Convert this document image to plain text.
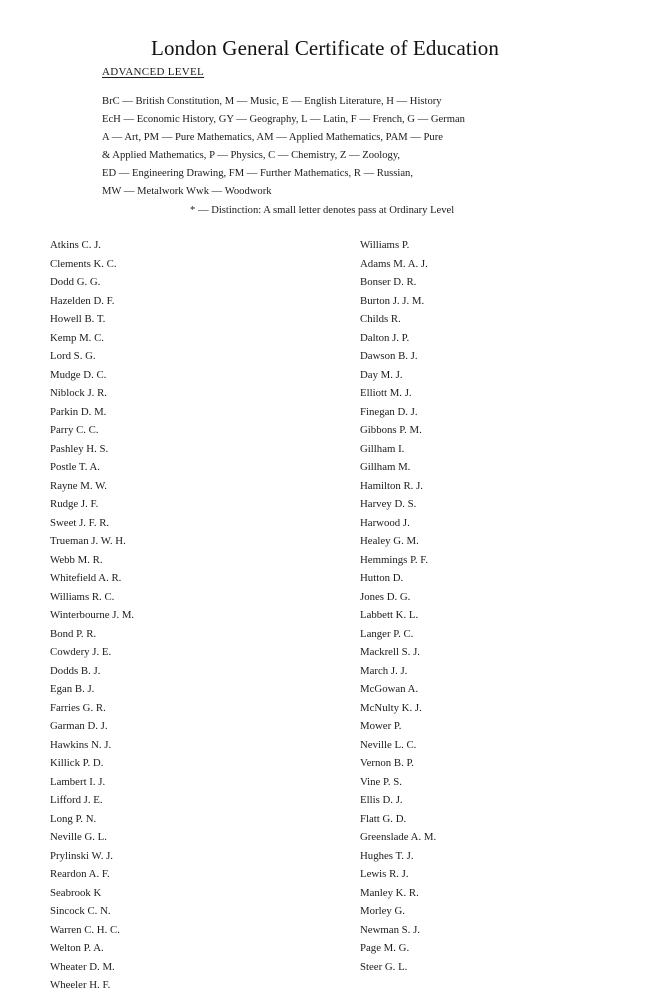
London General Certificate of Education
ADVANCED LEVEL
BrC — British Constitution, M — Music, E — English Literature, H — History
EcH — Economic History, GY — Geography, L — Latin, F — French, G — German
A — Art, PM — Pure Mathematics, AM — Applied Mathematics, PAM — Pure
& Applied Mathematics, P — Physics, C — Chemistry, Z — Zoology,
ED — Engineering Drawing, FM — Further Mathematics, R — Russian,
MW — Metalwork Wwk — Woodwork
* — Distinction: A small letter denotes pass at Ordinary Level
Atkins C. J.
Clements K. C.
Dodd G. G.
Hazelden D. F.
Howell B. T.
Kemp M. C.
Lord S. G.
Mudge D. C.
Niblock J. R.
Parkin D. M.
Parry C. C.
Pashley H. S.
Postle T. A.
Rayne M. W.
Rudge J. F.
Sweet J. F. R.
Trueman J. W. H.
Webb M. R.
Whitefield A. R.
Williams R. C.
Winterbourne J. M.
Bond P. R.
Cowdery J. E.
Dodds B. J.
Egan B. J.
Farries G. R.
Garman D. J.
Hawkins N. J.
Killick P. D.
Lambert I. J.
Lifford J. E.
Long P. N.
Neville G. L.
Prylinski W. J.
Reardon A. F.
Seabrook K
Sincock C. N.
Warren C. H. C.
Welton P. A.
Wheater D. M.
Wheeler H. F.
Williams P.
Adams M. A. J.
Bonser D. R.
Burton J. J. M.
Childs R.
Dalton J. P.
Dawson B. J.
Day M. J.
Elliott M. J.
Finegan D. J.
Gibbons P. M.
Gillham I.
Gillham M.
Hamilton R. J.
Harvey D. S.
Harwood J.
Healey G. M.
Hemmings P. F.
Hutton D.
Jones D. G.
Labbett K. L.
Langer P. C.
Mackrell S. J.
March J. J.
McGowan A.
McNulty K. J.
Mower P.
Neville L. C.
Vernon B. P.
Vine P. S.
Ellis D. J.
Flatt G. D.
Greenslade A. M.
Hughes T. J.
Lewis R. J.
Manley K. R.
Morley G.
Newman S. J.
Page M. G.
Steer G. L.
